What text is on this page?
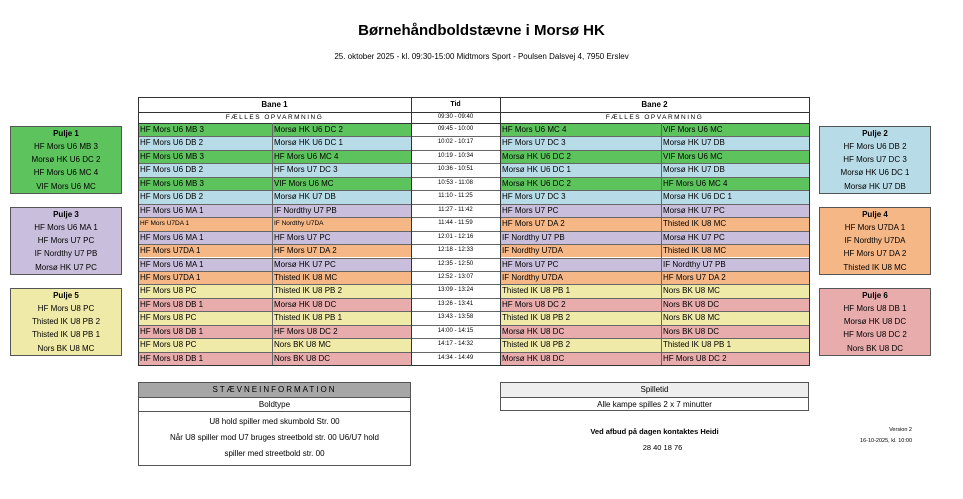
Børnehåndboldstævne i Morsø HK
25. oktober 2025 - kl. 09:30-15:00 Midtmors Sport - Poulsen Dalsvej 4, 7950 Erslev
Bane 1	Tid	Bane 2
FÆLLES OPVARMNING	09:30 - 09:40	FÆLLES OPVARMNING
HF Mors U6 MB 3	Morsø HK U6 DC 2	09:45 - 10:00	HF Mors U6 MC 4	VIF Mors U6 MC
HF Mors U6 DB 2	Morsø HK U6 DC 1	10:02 - 10:17	HF Mors U7 DC 3	Morsø HK U7 DB
HF Mors U6 MB 3	HF Mors U6 MC 4	10:19 - 10:34	Morsø HK U6 DC 2	VIF Mors U6 MC
HF Mors U6 DB 2	HF Mors U7 DC 3	10:36 - 10:51	Morsø HK U6 DC 1	Morsø HK U7 DB
HF Mors U6 MB 3	VIF Mors U6 MC	10:53 - 11:08	Morsø HK U6 DC 2	HF Mors U6 MC 4
HF Mors U6 DB 2	Morsø HK U7 DB	11:10 - 11:25	HF Mors U7 DC 3	Morsø HK U6 DC 1
HF Mors U6 MA 1	IF Nordthy U7 PB	11:27 - 11:42	HF Mors U7 PC	Morsø HK U7 PC
HF Mors U7DA 1	IF Nordthy U7DA	11:44 - 11:59	HF Mors U7 DA 2	Thisted IK U8 MC
HF Mors U6 MA 1	HF Mors U7 PC	12:01 - 12:16	IF Nordthy U7 PB	Morsø HK U7 PC
HF Mors U7DA 1	HF Mors U7 DA 2	12:18 - 12:33	IF Nordthy U7DA	Thisted IK U8 MC
HF Mors U6 MA 1	Morsø HK U7 PC	12:35 - 12:50	HF Mors U7 PC	IF Nordthy U7 PB
HF Mors U7DA 1	Thisted IK U8 MC	12:52 - 13:07	IF Nordthy U7DA	HF Mors U7 DA 2
HF Mors U8 PC	Thisted IK U8 PB 2	13:09 - 13:24	Thisted IK U8 PB 1	Nors BK U8 MC
HF Mors U8 DB 1	Morsø HK U8 DC	13:26 - 13:41	HF Mors U8 DC 2	Nors BK U8 DC
HF Mors U8 PC	Thisted IK U8 PB 1	13:43 - 13:58	Thisted IK U8 PB 2	Nors BK U8 MC
HF Mors U8 DB 1	HF Mors U8 DC 2	14:00 - 14:15	Morsø HK U8 DC	Nors BK U8 DC
HF Mors U8 PC	Nors BK U8 MC	14:17 - 14:32	Thisted IK U8 PB 2	Thisted IK U8 PB 1
HF Mors U8 DB 1	Nors BK U8 DC	14:34 - 14:49	Morsø HK U8 DC	HF Mors U8 DC 2
Pulje 1
HF Mors U6 MB 3
Morsø HK U6 DC 2
HF Mors U6 MC 4
VIF Mors U6 MC
Pulje 2
HF Mors U6 DB 2
HF Mors U7 DC 3
Morsø HK U6 DC 1
Morsø HK U7 DB
Pulje 3
HF Mors U6 MA 1
HF Mors U7 PC
IF Nordthy U7 PB
Morsø HK U7 PC
Pulje 4
HF Mors U7DA 1
IF Nordthy U7DA
HF Mors U7 DA 2
Thisted IK U8 MC
Pulje 5
HF Mors U8 PC
Thisted IK U8 PB 2
Thisted IK U8 PB 1
Nors BK U8 MC
Pulje 6
HF Mors U8 DB 1
Morsø HK U8 DC
HF Mors U8 DC 2
Nors BK U8 DC
STÆVNEINFORMATION
Boldtype
U8 hold spiller med skumbold Str. 00
Når U8 spiller mod U7 bruges streetbold str. 00 U6/U7 hold
spiller med streetbold str. 00
Spilletid
Alle kampe spilles 2 x 7 minutter
Ved afbud på dagen kontaktes Heidi
28 40 18 76
Version 2
16-10-2025, kl. 10:00
